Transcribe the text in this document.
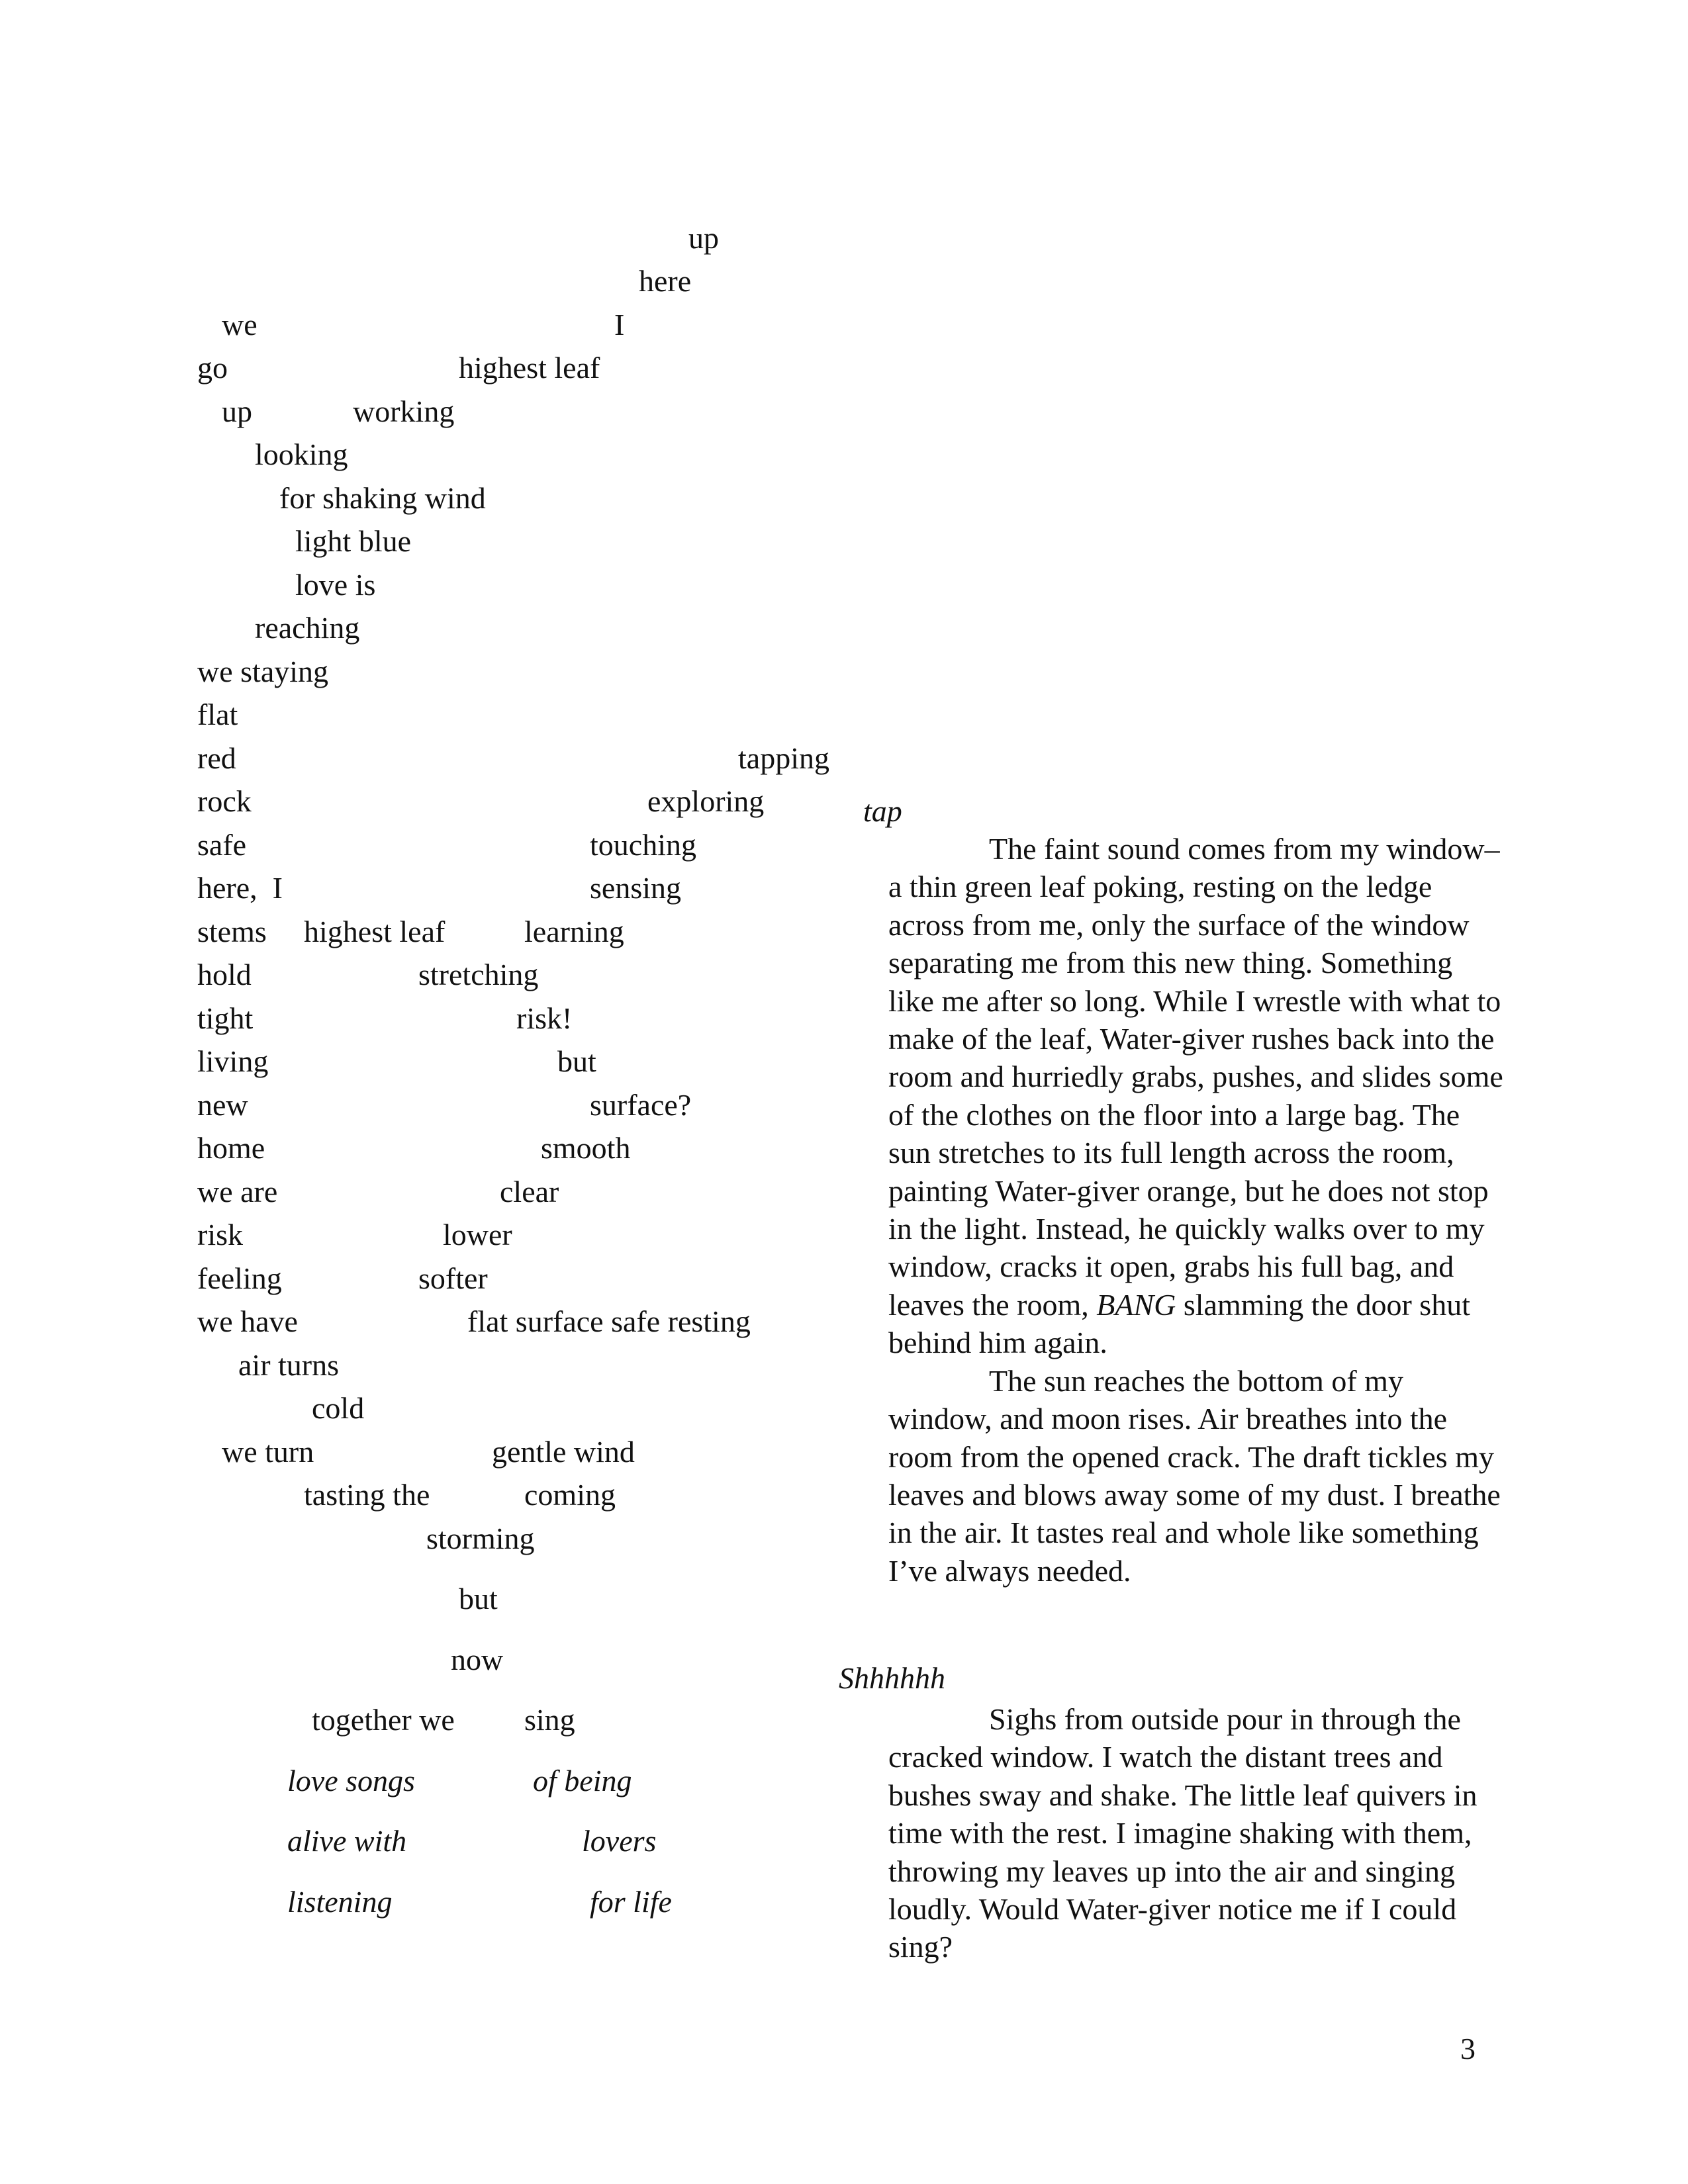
up
here
we	I
go	highest leaf
up	working
looking
for shaking wind
light blue
love is
reaching
we staying
flat
red	tapping
rock	exploring
safe	touching
here,  I	sensing
stems highest leaf	learning
hold	stretching
tight	risk!
living	but
new	surface?
home	smooth
we are	clear
risk	lower
feeling	softer
we have	flat surface safe resting
air turns
cold
we turn	gentle wind
tasting the	coming
storming
but
now
together we sing
love songs	of being
alive with	lovers
listening	for life
tap

The faint sound comes from my window–a thin green leaf poking, resting on the ledge across from me, only the surface of the window separating me from this new thing. Something like me after so long. While I wrestle with what to make of the leaf, Water-giver rushes back into the room and hurriedly grabs, pushes, and slides some of the clothes on the floor into a large bag. The sun stretches to its full length across the room, painting Water-giver orange, but he does not stop in the light. Instead, he quickly walks over to my window, cracks it open, grabs his full bag, and leaves the room, BANG slamming the door shut behind him again.

The sun reaches the bottom of my window, and moon rises. Air breathes into the room from the opened crack. The draft tickles my leaves and blows away some of my dust. I breathe in the air. It tastes real and whole like something I’ve always needed.

Shhhhhh

Sighs from outside pour in through the cracked window. I watch the distant trees and bushes sway and shake. The little leaf quivers in time with the rest. I imagine shaking with them, throwing my leaves up into the air and singing loudly. Would Water-giver notice me if I could sing?

3
